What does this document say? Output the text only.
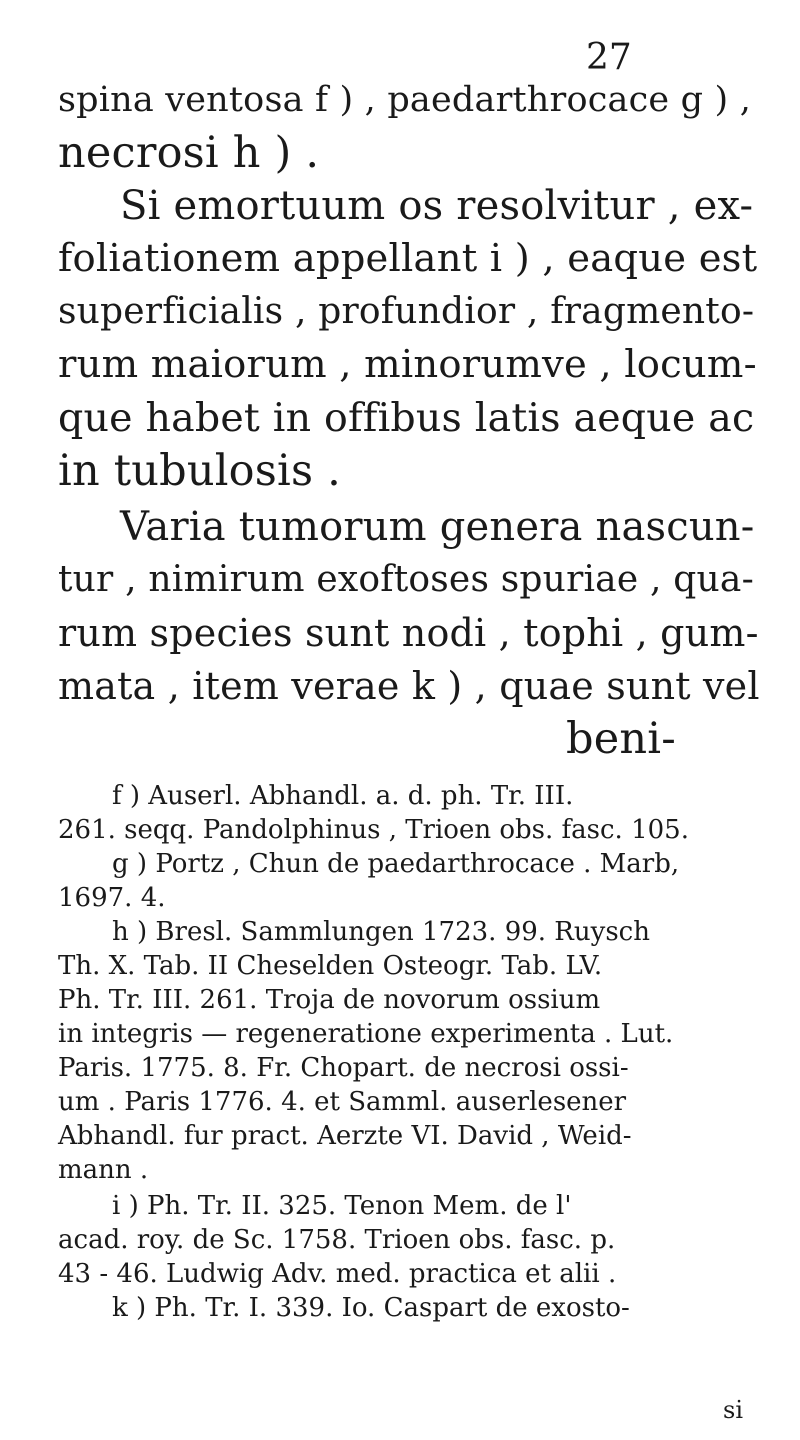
27
spina ventosa f ) , paedarthrocace g ) ,
necrosi h ) .
Si emortuum os resolvitur , ex-
foliationem appellant i ) , eaque est
superficialis , profundior , fragmento-
rum maiorum , minorumve , locum-
que habet in offibus latis aeque ac
in tubulosis .
Varia tumorum genera nascun-
tur , nimirum exoftoses spuriae , qua-
rum species sunt nodi , tophi , gum-
mata , item verae k ) , quae sunt vel
beni-
f ) Auserl. Abhandl. a. d. ph. Tr. III.
261. seqq. Pandolphinus , Trioen obs. fasc. 105.
g ) Portz , Chun de paedarthrocace . Marb,
1697. 4.
h ) Bresl. Sammlungen 1723. 99. Ruysch
Th. X. Tab. II Cheselden Osteogr. Tab. LV.
Ph. Tr. III. 261. Troja de novorum ossium
in integris — regeneratione experimenta . Lut.
Paris. 1775. 8. Fr. Chopart. de necrosi ossi-
um . Paris 1776. 4. et Samml. auserlesener
Abhandl. fur pract. Aerzte VI. David , Weid-
mann .
i ) Ph. Tr. II. 325. Tenon Mem. de l'
acad. roy. de Sc. 1758. Trioen obs. fasc. p.
43 - 46. Ludwig Adv. med. practica et alii .
k ) Ph. Tr. I. 339. Io. Caspart de exosto-
si
